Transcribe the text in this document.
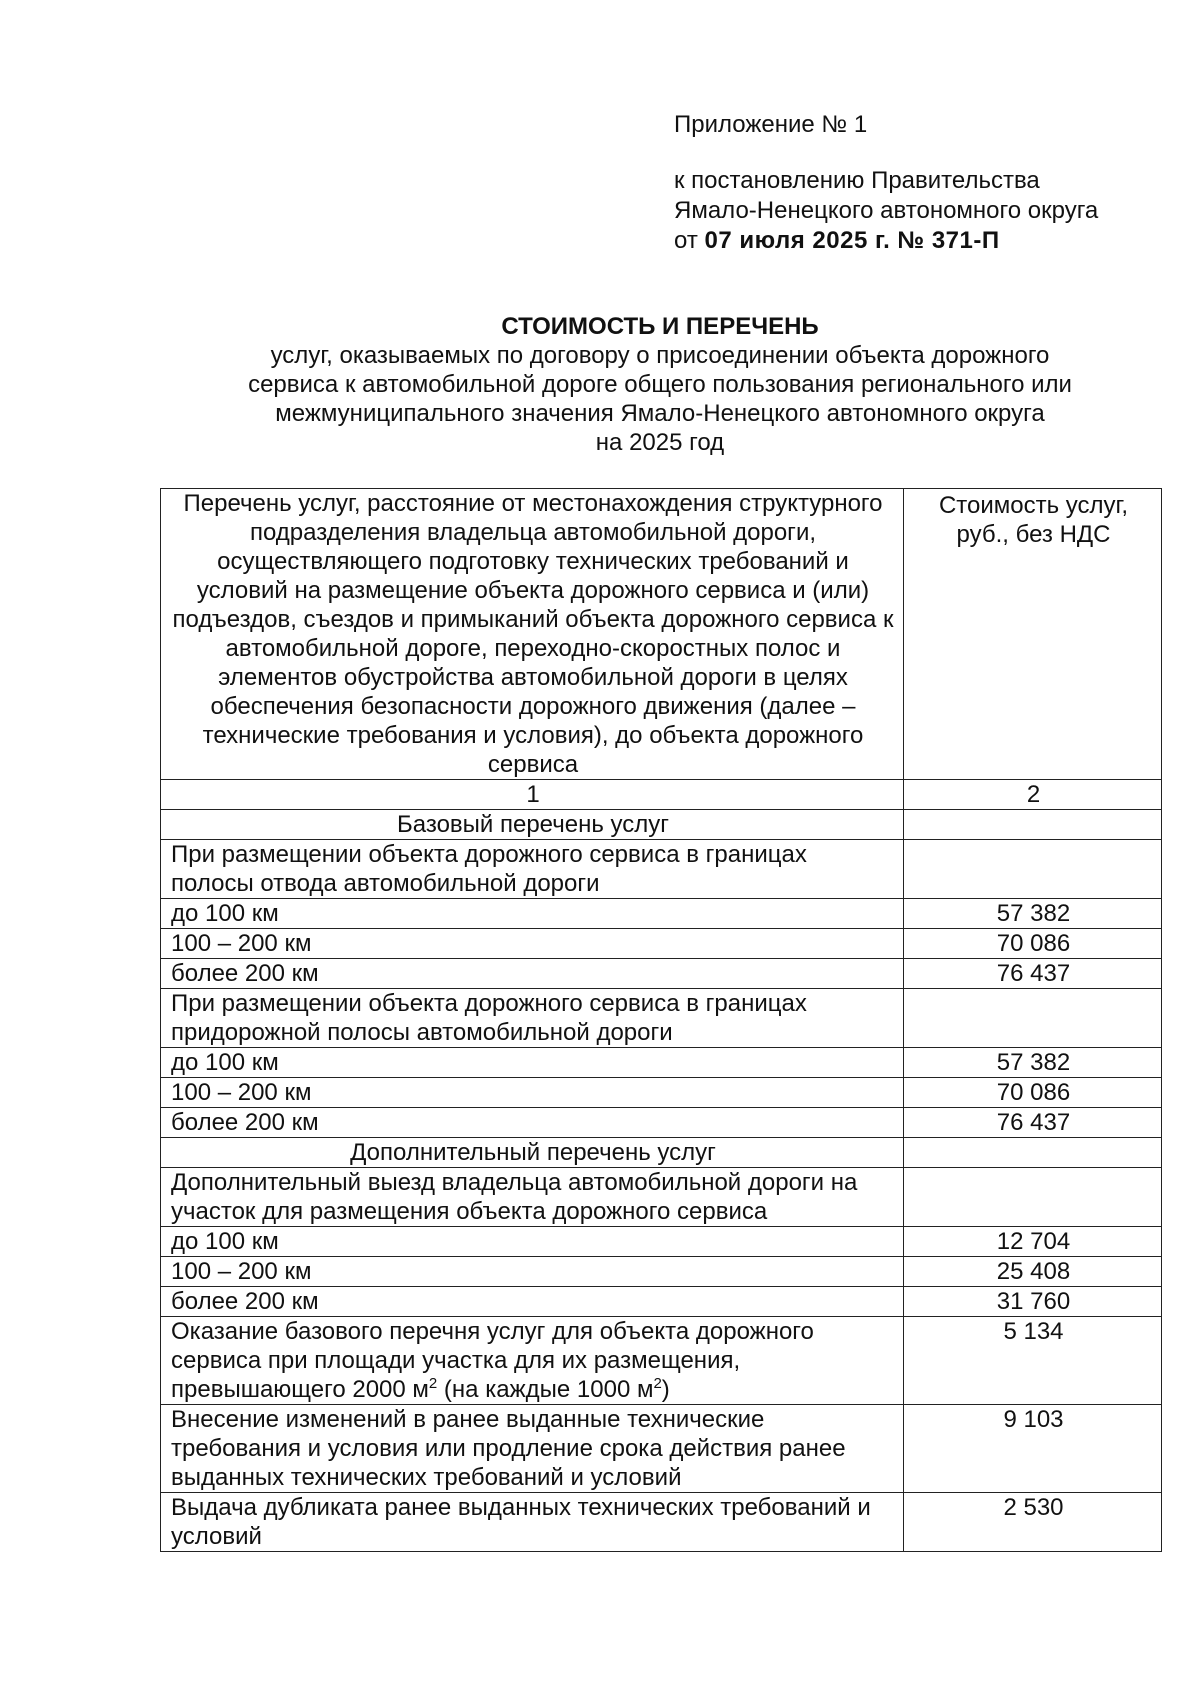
Приложение № 1

к постановлению Правительства

Ямало-Ненецкого автономного округа

от 07 июля 2025 г. № 371-П

СТОИМОСТЬ И ПЕРЕЧЕНЬ

услуг, оказываемых по договору о присоединении объекта дорожного

сервиса к автомобильной дороге общего пользования регионального или

межмуниципального значения Ямало-Ненецкого автономного округа

на 2025 год

Перечень услуг, расстояние от местонахождения структурного подразделения владельца автомобильной дороги, осуществляющего подготовку технических требований и условий на размещение объекта дорожного сервиса и (или) подъездов, съездов и примыканий объекта дорожного сервиса к автомобильной дороге, переходно-скоростных полос и элементов обустройства автомобильной дороги в целях обеспечения безопасности дорожного движения (далее – технические требования и условия), до объекта дорожного сервиса	Стоимость услуг, руб., без НДС
1	2
Базовый перечень услуг	
При размещении объекта дорожного сервиса в границах полосы отвода автомобильной дороги	
до 100 км	57 382
100 – 200 км	70 086
более 200 км	76 437
При размещении объекта дорожного сервиса в границах придорожной полосы автомобильной дороги	
до 100 км	57 382
100 – 200 км	70 086
более 200 км	76 437
Дополнительный перечень услуг	
Дополнительный выезд владельца автомобильной дороги на участок для размещения объекта дорожного сервиса	
до 100 км	12 704
100 – 200 км	25 408
более 200 км	31 760
Оказание базового перечня услуг для объекта дорожного сервиса при площади участка для их размещения, превышающего 2000 $м^2$ (на каждые 1000 $м^2$)	5 134
Внесение изменений в ранее выданные технические требования и условия или продление срока действия ранее выданных технических требований и условий	9 103
Выдача дубликата ранее выданных технических требований и условий	2 530
